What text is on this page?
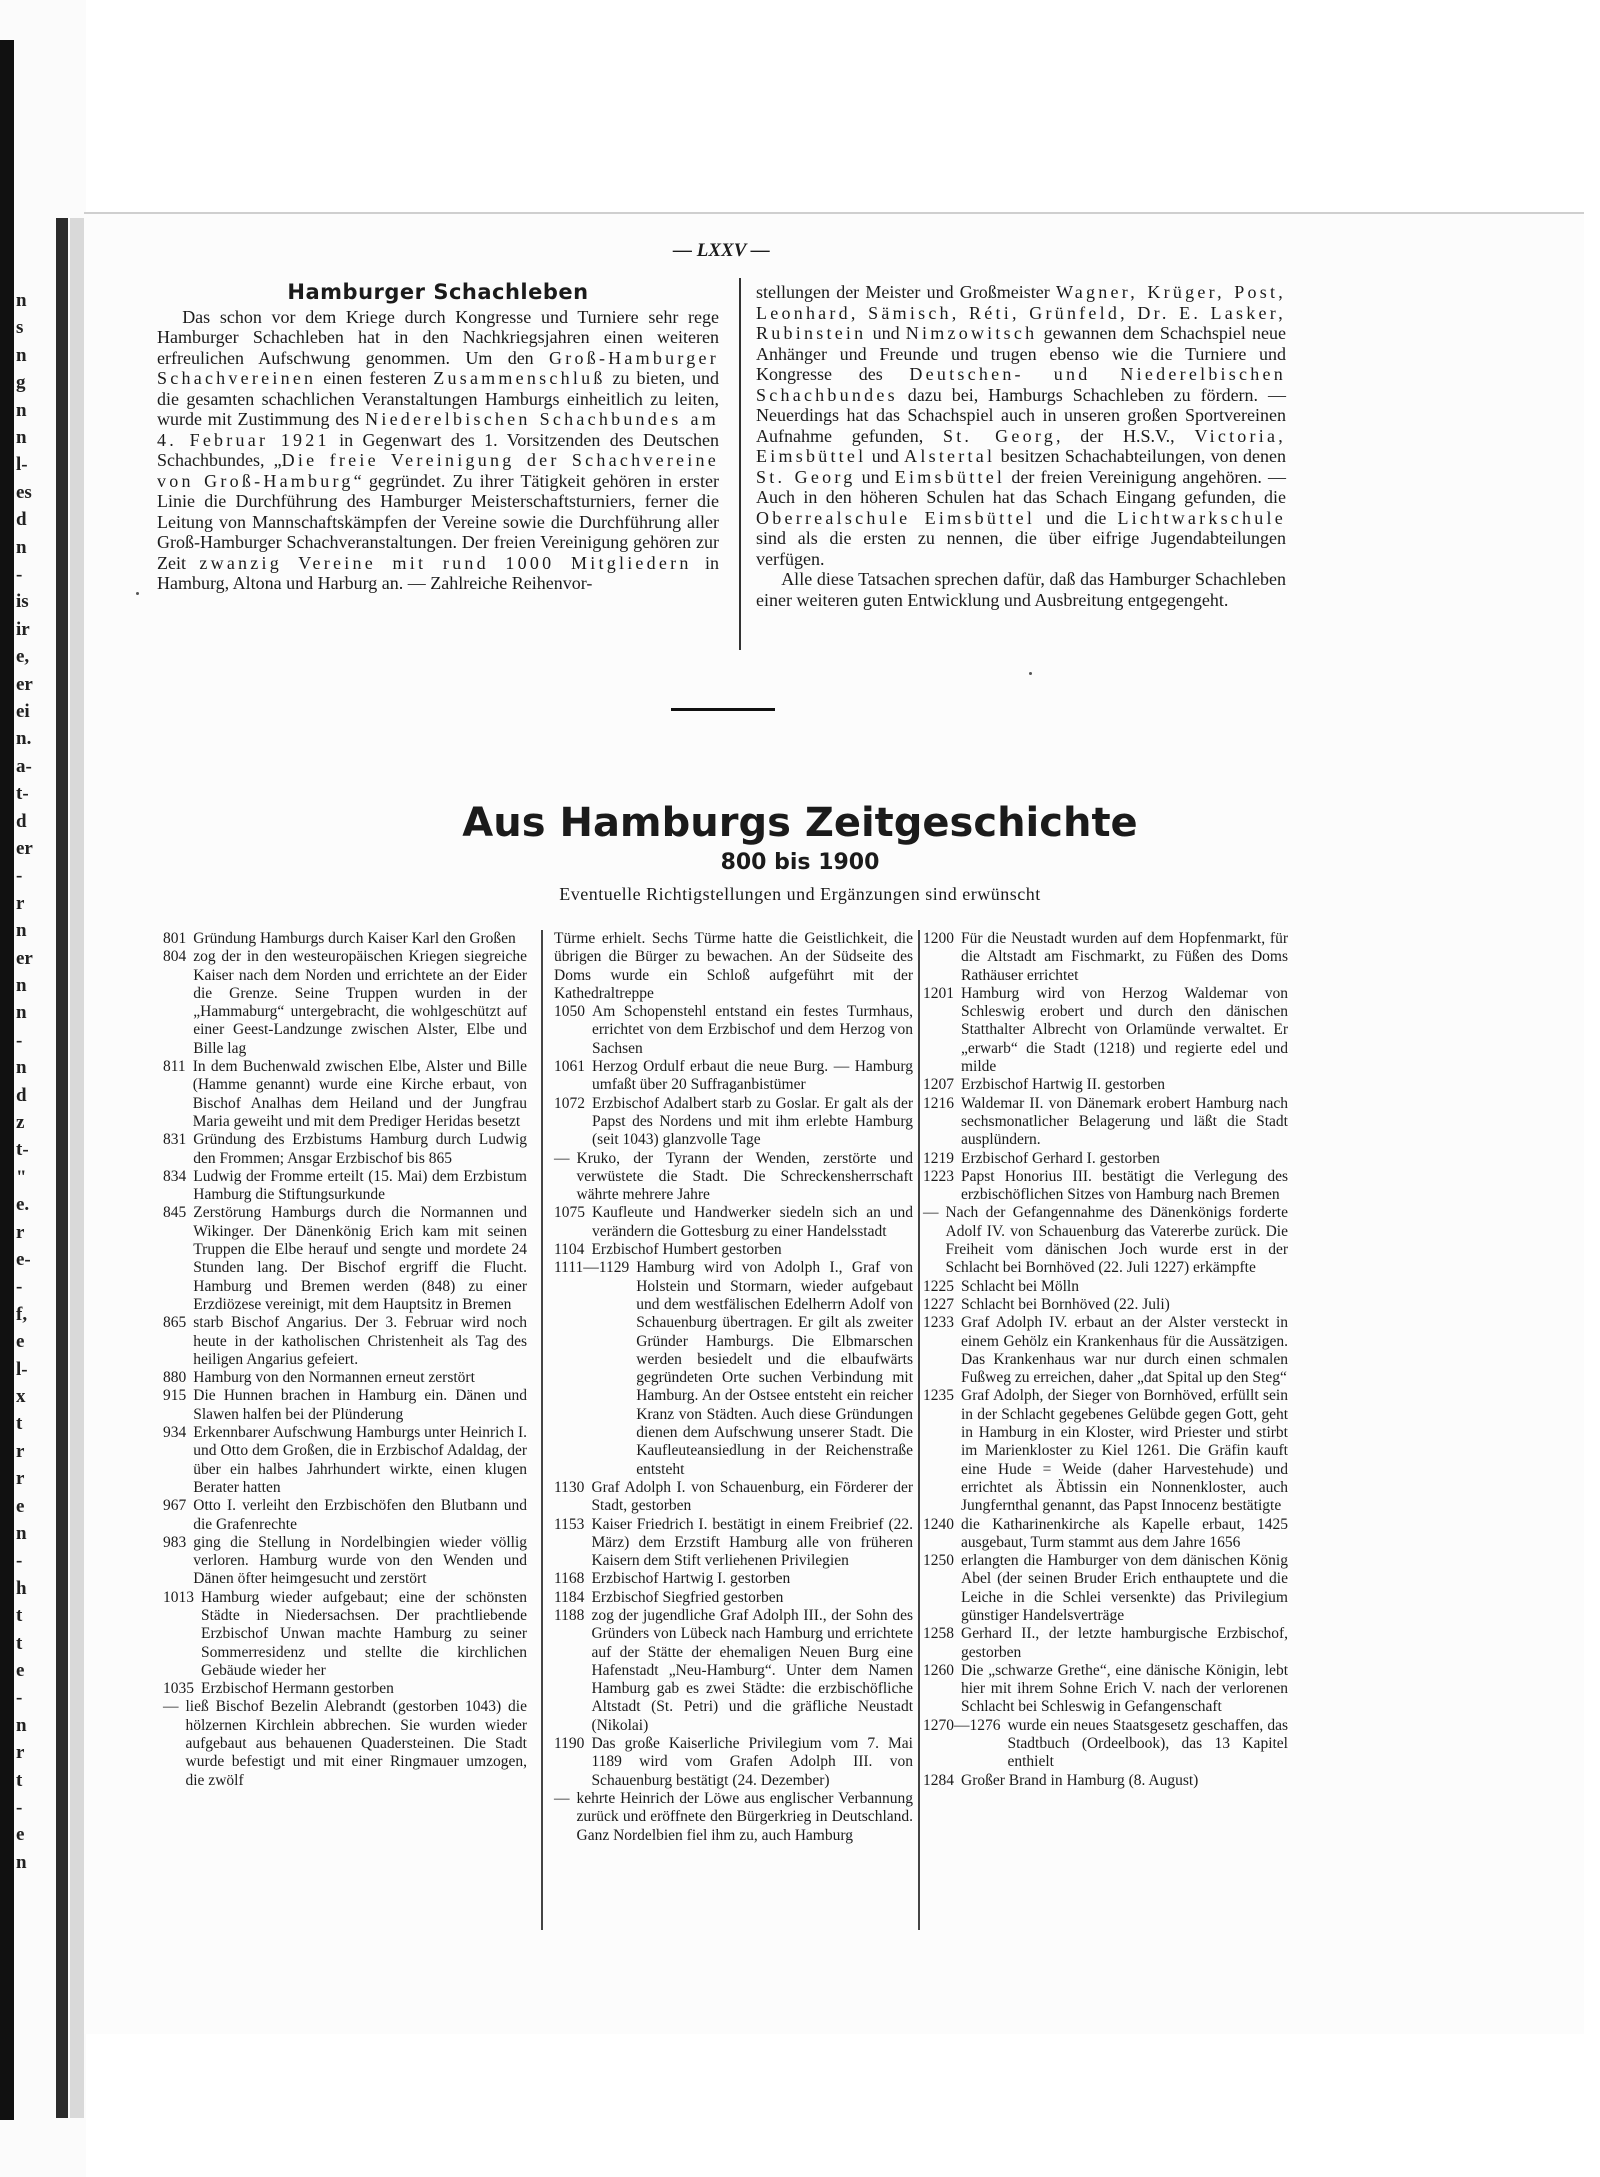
n
s
n
g
n
n
l-
es
d
n
-
is
ir
e,
er
ei
n.
a-
t-
d
er
-
r
n
er
n
n
-
n
d
z
t-
"
e.
r
e-
-
f,
e
l-
x
t
r
r
e
n
-
h
t
t
e
-
n
r
t
-
e
n
— LXXV —
Hamburger Schachleben

Das schon vor dem Kriege durch Kongresse und Turniere sehr rege Hamburger Schachleben hat in den Nachkriegsjahren einen weiteren erfreulichen Aufschwung genommen. Um den Groß-Hamburger Schachvereinen einen festeren Zusammenschluß zu bieten, und die gesamten schachlichen Veranstaltungen Hamburgs einheitlich zu leiten, wurde mit Zustimmung des Niederelbischen Schachbundes am 4. Februar 1921 in Gegenwart des 1. Vorsitzenden des Deutschen Schachbundes, „Die freie Vereinigung der Schachvereine von Groß-Hamburg“ gegründet. Zu ihrer Tätigkeit gehören in erster Linie die Durchführung des Hamburger Meisterschaftsturniers, ferner die Leitung von Mannschaftskämpfen der Vereine sowie die Durchführung aller Groß-Hamburger Schachveranstaltungen. Der freien Vereinigung gehören zur Zeit zwanzig Vereine mit rund 1000 Mitgliedern in Hamburg, Altona und Harburg an. — Zahlreiche Reihenvor-

stellungen der Meister und Großmeister Wagner, Krüger, Post, Leonhard, Sämisch, Réti, Grünfeld, Dr. E. Lasker, Rubinstein und Nimzowitsch gewannen dem Schachspiel neue Anhänger und Freunde und trugen ebenso wie die Turniere und Kongresse des Deutschen- und Niederelbischen Schachbundes dazu bei, Hamburgs Schachleben zu fördern. — Neuerdings hat das Schachspiel auch in unseren großen Sportvereinen Aufnahme gefunden, St. Georg, der H.S.V., Victoria, Eimsbüttel und Alstertal besitzen Schachabteilungen, von denen St. Georg und Eimsbüttel der freien Vereinigung angehören. — Auch in den höheren Schulen hat das Schach Eingang gefunden, die Oberrealschule Eimsbüttel und die Lichtwarkschule sind als die ersten zu nennen, die über eifrige Jugendabteilungen verfügen.

Alle diese Tatsachen sprechen dafür, daß das Hamburger Schachleben einer weiteren guten Entwicklung und Ausbreitung entgegengeht.

Aus Hamburgs Zeitgeschichte
800 bis 1900
Eventuelle Richtigstellungen und Ergänzungen sind erwünscht
801 Gründung Hamburgs durch Kaiser Karl den Großen
804 zog der in den westeuropäischen Kriegen siegreiche Kaiser nach dem Norden und errichtete an der Eider die Grenze. Seine Truppen wurden in der „Hammaburg“ untergebracht, die wohlgeschützt auf einer Geest-Landzunge zwischen Alster, Elbe und Bille lag
811 In dem Buchenwald zwischen Elbe, Alster und Bille (Hamme genannt) wurde eine Kirche erbaut, von Bischof Analhas dem Heiland und der Jungfrau Maria geweiht und mit dem Prediger Heridas besetzt
831 Gründung des Erzbistums Hamburg durch Ludwig den Frommen; Ansgar Erzbischof bis 865
834 Ludwig der Fromme erteilt (15. Mai) dem Erzbistum Hamburg die Stiftungsurkunde
845 Zerstörung Hamburgs durch die Normannen und Wikinger. Der Dänenkönig Erich kam mit seinen Truppen die Elbe herauf und sengte und mordete 24 Stunden lang. Der Bischof ergriff die Flucht. Hamburg und Bremen werden (848) zu einer Erzdiözese vereinigt, mit dem Hauptsitz in Bremen
865 starb Bischof Angarius. Der 3. Februar wird noch heute in der katholischen Christenheit als Tag des heiligen Angarius gefeiert.
880 Hamburg von den Normannen erneut zerstört
915 Die Hunnen brachen in Hamburg ein. Dänen und Slawen halfen bei der Plünderung
934 Erkennbarer Aufschwung Hamburgs unter Heinrich I. und Otto dem Großen, die in Erzbischof Adaldag, der über ein halbes Jahrhundert wirkte, einen klugen Berater hatten
967 Otto I. verleiht den Erzbischöfen den Blutbann und die Grafenrechte
983 ging die Stellung in Nordelbingien wieder völlig verloren. Hamburg wurde von den Wenden und Dänen öfter heimgesucht und zerstört
1013 Hamburg wieder aufgebaut; eine der schönsten Städte in Niedersachsen. Der prachtliebende Erzbischof Unwan machte Hamburg zu seiner Sommerresidenz und stellte die kirchlichen Gebäude wieder her
1035 Erzbischof Hermann gestorben
— ließ Bischof Bezelin Alebrandt (gestorben 1043) die hölzernen Kirchlein abbrechen. Sie wurden wieder aufgebaut aus behauenen Quadersteinen. Die Stadt wurde befestigt und mit einer Ringmauer umzogen, die zwölf
Türme erhielt. Sechs Türme hatte die Geistlichkeit, die übrigen die Bürger zu bewachen. An der Südseite des Doms wurde ein Schloß aufgeführt mit der Kathedraltreppe
1050 Am Schopenstehl entstand ein festes Turmhaus, errichtet von dem Erzbischof und dem Herzog von Sachsen
1061 Herzog Ordulf erbaut die neue Burg. — Hamburg umfaßt über 20 Suffraganbistümer
1072 Erzbischof Adalbert starb zu Goslar. Er galt als der Papst des Nordens und mit ihm erlebte Hamburg (seit 1043) glanzvolle Tage
— Kruko, der Tyrann der Wenden, zerstörte und verwüstete die Stadt. Die Schreckensherrschaft währte mehrere Jahre
1075 Kaufleute und Handwerker siedeln sich an und verändern die Gottesburg zu einer Handelsstadt
1104 Erzbischof Humbert gestorben
1111—1129 Hamburg wird von Adolph I., Graf von Holstein und Stormarn, wieder aufgebaut und dem westfälischen Edelherrn Adolf von Schauenburg übertragen. Er gilt als zweiter Gründer Hamburgs. Die Elbmarschen werden besiedelt und die elbaufwärts gegründeten Orte suchen Verbindung mit Hamburg. An der Ostsee entsteht ein reicher Kranz von Städten. Auch diese Gründungen dienen dem Aufschwung unserer Stadt. Die Kaufleuteansiedlung in der Reichenstraße entsteht
1130 Graf Adolph I. von Schauenburg, ein Förderer der Stadt, gestorben
1153 Kaiser Friedrich I. bestätigt in einem Freibrief (22. März) dem Erzstift Hamburg alle von früheren Kaisern dem Stift verliehenen Privilegien
1168 Erzbischof Hartwig I. gestorben
1184 Erzbischof Siegfried gestorben
1188 zog der jugendliche Graf Adolph III., der Sohn des Gründers von Lübeck nach Hamburg und errichtete auf der Stätte der ehemaligen Neuen Burg eine Hafenstadt „Neu-Hamburg“. Unter dem Namen Hamburg gab es zwei Städte: die erzbischöfliche Altstadt (St. Petri) und die gräfliche Neustadt (Nikolai)
1190 Das große Kaiserliche Privilegium vom 7. Mai 1189 wird vom Grafen Adolph III. von Schauenburg bestätigt (24. Dezember)
— kehrte Heinrich der Löwe aus englischer Verbannung zurück und eröffnete den Bürgerkrieg in Deutschland. Ganz Nordelbien fiel ihm zu, auch Hamburg
1200 Für die Neustadt wurden auf dem Hopfenmarkt, für die Altstadt am Fischmarkt, zu Füßen des Doms Rathäuser errichtet
1201 Hamburg wird von Herzog Waldemar von Schleswig erobert und durch den dänischen Statthalter Albrecht von Orlamünde verwaltet. Er „erwarb“ die Stadt (1218) und regierte edel und milde
1207 Erzbischof Hartwig II. gestorben
1216 Waldemar II. von Dänemark erobert Hamburg nach sechsmonatlicher Belagerung und läßt die Stadt ausplündern.
1219 Erzbischof Gerhard I. gestorben
1223 Papst Honorius III. bestätigt die Verlegung des erzbischöflichen Sitzes von Hamburg nach Bremen
— Nach der Gefangennahme des Dänenkönigs forderte Adolf IV. von Schauenburg das Vatererbe zurück. Die Freiheit vom dänischen Joch wurde erst in der Schlacht bei Bornhöved (22. Juli 1227) erkämpfte
1225 Schlacht bei Mölln
1227 Schlacht bei Bornhöved (22. Juli)
1233 Graf Adolph IV. erbaut an der Alster versteckt in einem Gehölz ein Krankenhaus für die Aussätzigen. Das Krankenhaus war nur durch einen schmalen Fußweg zu erreichen, daher „dat Spital up den Steg“
1235 Graf Adolph, der Sieger von Bornhöved, erfüllt sein in der Schlacht gegebenes Gelübde gegen Gott, geht in Hamburg in ein Kloster, wird Priester und stirbt im Marienkloster zu Kiel 1261. Die Gräfin kauft eine Hude = Weide (daher Harvestehude) und errichtet als Äbtissin ein Nonnenkloster, auch Jungfernthal genannt, das Papst Innocenz bestätigte
1240 die Katharinenkirche als Kapelle erbaut, 1425 ausgebaut, Turm stammt aus dem Jahre 1656
1250 erlangten die Hamburger von dem dänischen König Abel (der seinen Bruder Erich enthauptete und die Leiche in die Schlei versenkte) das Privilegium günstiger Handelsverträge
1258 Gerhard II., der letzte hamburgische Erzbischof, gestorben
1260 Die „schwarze Grethe“, eine dänische Königin, lebt hier mit ihrem Sohne Erich V. nach der verlorenen Schlacht bei Schleswig in Gefangenschaft
1270—1276 wurde ein neues Staatsgesetz geschaffen, das Stadtbuch (Ordeelbook), das 13 Kapitel enthielt
1284 Großer Brand in Hamburg (8. August)
